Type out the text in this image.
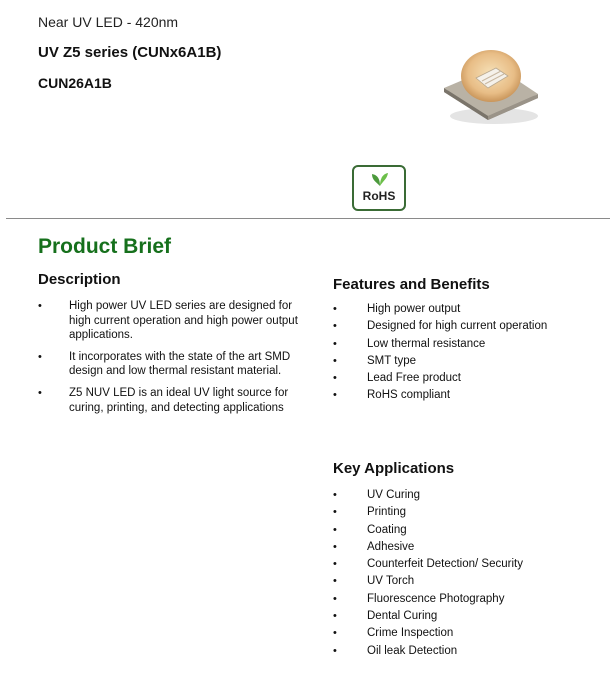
Near UV LED - 420nm
UV Z5 series (CUNx6A1B)
CUN26A1B
RoHS
Product Brief
Description
• High power UV LED series are designed for high current operation and high power output applications.
• It incorporates with the state of the art SMD design and low thermal resistant material.
• Z5 NUV LED is an ideal UV light source for curing, printing, and detecting applications
Features and Benefits
•	High power output
•	Designed for high current operation
•	Low thermal resistance
•	SMT type
•	Lead Free product
•	RoHS compliant
Key Applications
•	UV Curing
•	Printing
•	Coating
•	Adhesive
•	Counterfeit Detection/ Security
•	UV Torch
•	Fluorescence Photography
•	Dental Curing
•	Crime Inspection
•	Oil leak Detection
